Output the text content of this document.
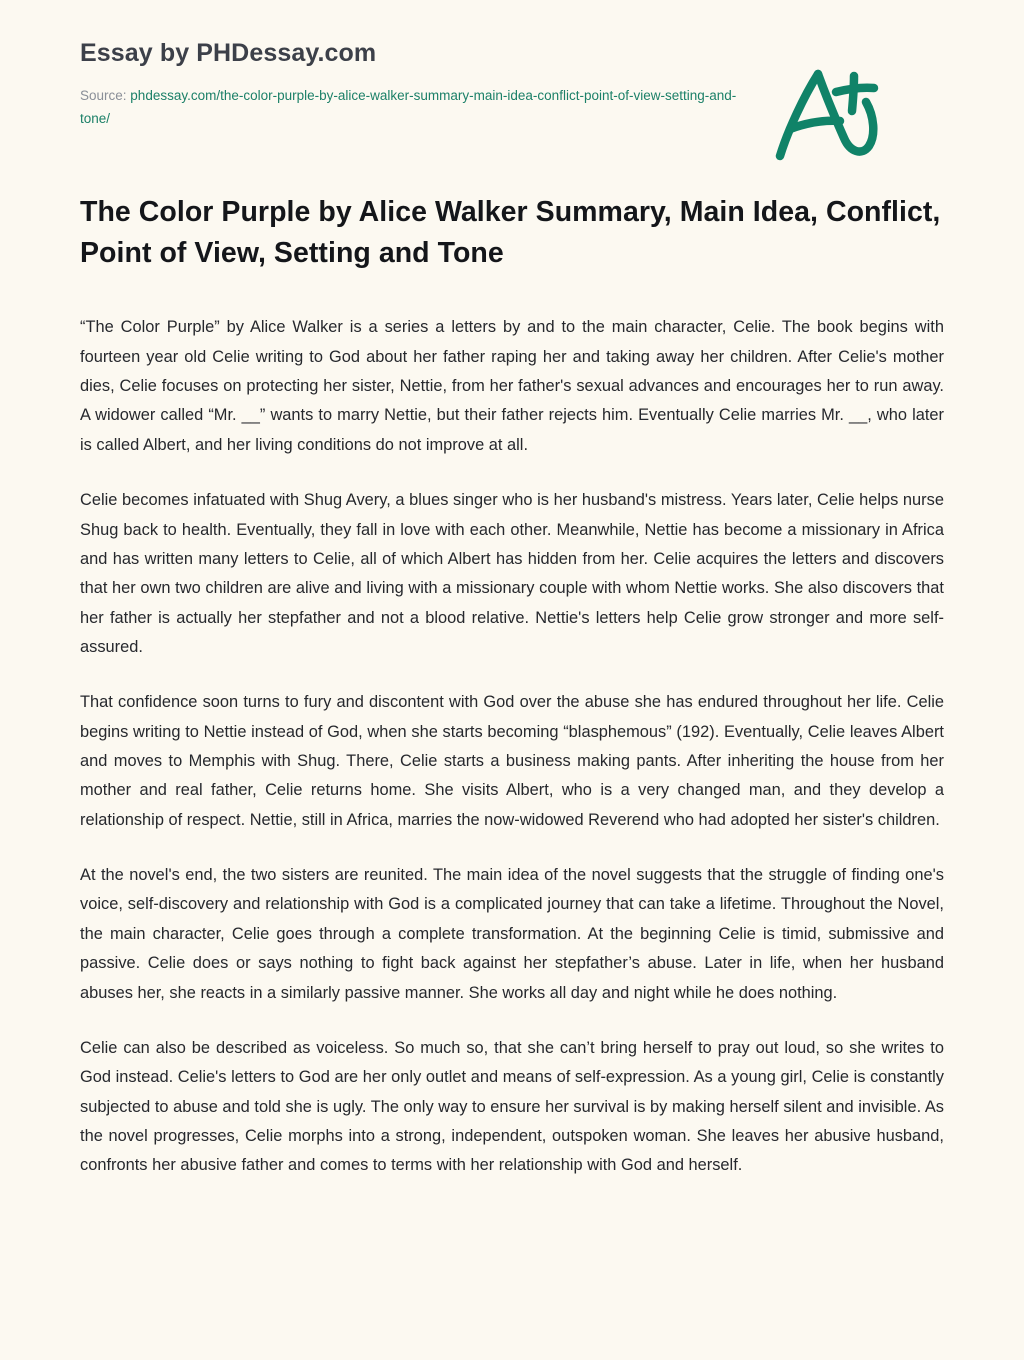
Essay by PHDessay.com
Source: phdessay.com/the-color-purple-by-alice-walker-summary-main-idea-conflict-point-of-view-setting-and-tone/
The Color Purple by Alice Walker Summary, Main Idea, Conflict, Point of View, Setting and Tone

“The Color Purple” by Alice Walker is a series a letters by and to the main character, Celie. The book begins with fourteen year old Celie writing to God about her father raping her and taking away her children. After Celie's mother dies, Celie focuses on protecting her sister, Nettie, from her father's sexual advances and encourages her to run away. A widower called “Mr. __” wants to marry Nettie, but their father rejects him. Eventually Celie marries Mr. __, who later is called Albert, and her living conditions do not improve at all.

Celie becomes infatuated with Shug Avery, a blues singer who is her husband's mistress. Years later, Celie helps nurse Shug back to health. Eventually, they fall in love with each other. Meanwhile, Nettie has become a missionary in Africa and has written many letters to Celie, all of which Albert has hidden from her. Celie acquires the letters and discovers that her own two children are alive and living with a missionary couple with whom Nettie works. She also discovers that her father is actually her stepfather and not a blood relative. Nettie's letters help Celie grow stronger and more self-assured.

That confidence soon turns to fury and discontent with God over the abuse she has endured throughout her life. Celie begins writing to Nettie instead of God, when she starts becoming “blasphemous” (192). Eventually, Celie leaves Albert and moves to Memphis with Shug. There, Celie starts a business making pants. After inheriting the house from her mother and real father, Celie returns home. She visits Albert, who is a very changed man, and they develop a relationship of respect. Nettie, still in Africa, marries the now-widowed Reverend who had adopted her sister's children.

At the novel's end, the two sisters are reunited. The main idea of the novel suggests that the struggle of finding one's voice, self-discovery and relationship with God is a complicated journey that can take a lifetime. Throughout the Novel, the main character, Celie goes through a complete transformation. At the beginning Celie is timid, submissive and passive. Celie does or says nothing to fight back against her stepfather’s abuse. Later in life, when her husband abuses her, she reacts in a similarly passive manner. She works all day and night while he does nothing.

Celie can also be described as voiceless. So much so, that she can’t bring herself to pray out loud, so she writes to God instead. Celie's letters to God are her only outlet and means of self-expression. As a young girl, Celie is constantly subjected to abuse and told she is ugly. The only way to ensure her survival is by making herself silent and invisible. As the novel progresses, Celie morphs into a strong, independent, outspoken woman. She leaves her abusive husband, confronts her abusive father and comes to terms with her relationship with God and herself.
